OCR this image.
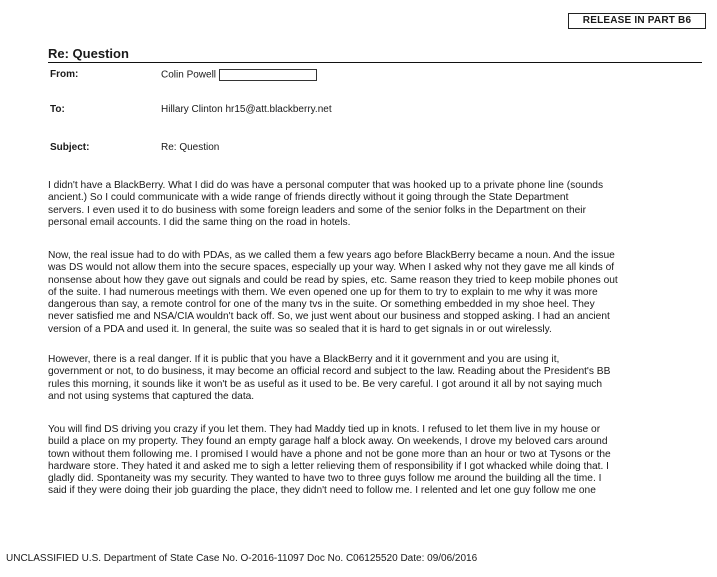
RELEASE IN PART B6
Re: Question
From:	Colin Powell
To:	Hillary Clinton hr15@att.blackberry.net
Subject:	Re: Question
I didn't have a BlackBerry. What I did do was have a personal computer that was hooked up to a private phone line (sounds
ancient.) So I could communicate with a wide range of friends directly without it going through the State Department
servers. I even used it to do business with some foreign leaders and some of the senior folks in the Department on their
personal email accounts. I did the same thing on the road in hotels.
Now, the real issue had to do with PDAs, as we called them a few years ago before BlackBerry became a noun. And the issue
was DS would not allow them into the secure spaces, especially up your way. When I asked why not they gave me all kinds of
nonsense about how they gave out signals and could be read by spies, etc. Same reason they tried to keep mobile phones out
of the suite. I had numerous meetings with them. We even opened one up for them to try to explain to me why it was more
dangerous than say, a remote control for one of the many tvs in the suite. Or something embedded in my shoe heel. They
never satisfied me and NSA/CIA wouldn't back off. So, we just went about our business and stopped asking. I had an ancient
version of a PDA and used it. In general, the suite was so sealed that it is hard to get signals in or out wirelessly.
However, there is a real danger. If it is public that you have a BlackBerry and it it government and you are using it,
government or not, to do business, it may become an official record and subject to the law. Reading about the President's BB
rules this morning, it sounds like it won't be as useful as it used to be. Be very careful. I got around it all by not saying much
and not using systems that captured the data.
You will find DS driving you crazy if you let them. They had Maddy tied up in knots. I refused to let them live in my house or
build a place on my property. They found an empty garage half a block away. On weekends, I drove my beloved cars around
town without them following me. I promised I would have a phone and not be gone more than an hour or two at Tysons or the
hardware store. They hated it and asked me to sigh a letter relieving them of responsibility if I got whacked while doing that. I
gladly did. Spontaneity was my security. They wanted to have two to three guys follow me around the building all the time. I
said if they were doing their job guarding the place, they didn't need to follow me. I relented and let one guy follow me one
UNCLASSIFIED U.S. Department of State Case No. O-2016-11097 Doc No. C06125520 Date: 09/06/2016
